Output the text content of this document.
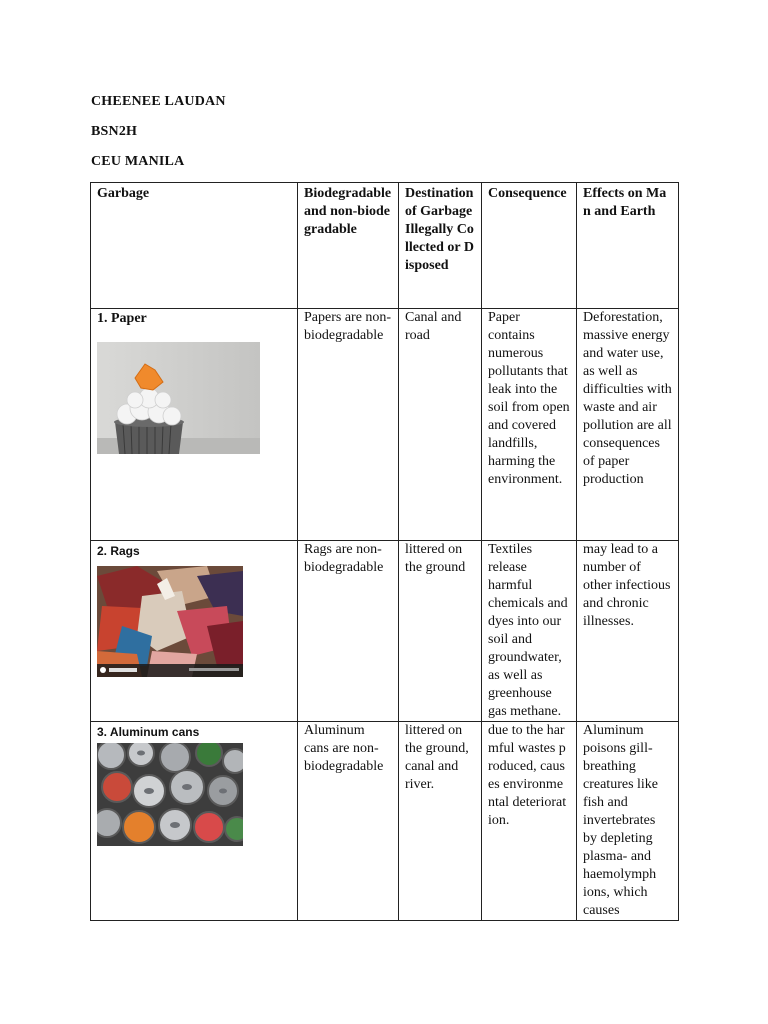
CHEENEE LAUDAN
BSN2H
CEU MANILA
Garbage	Biodegradable and non-biodegradable	Destination of Garbage Illegally Collected or Disposed	Consequence	Effects on Man and Earth

1. Paper	Papers are non-biodegradable	Canal and road	Paper contains numerous pollutants that leak into the soil from open and covered landfills, harming the environment.	Deforestation, massive energy and water use, as well as difficulties with waste and air pollution are all consequences of paper production

2. Rags	Rags are non-biodegradable	littered on the ground	Textiles release harmful chemicals and dyes into our soil and groundwater, as well as greenhouse gas methane.	may lead to a number of other infectious and chronic illnesses.

3. Aluminum cans	Aluminum cans are non-biodegradable	littered on the ground, canal and river.	due to the harmful wastes produced, causes environmental deterioration.	Aluminum poisons gill-breathing creatures like fish and invertebrates by depleting plasma- and haemolymph ions, which causes
